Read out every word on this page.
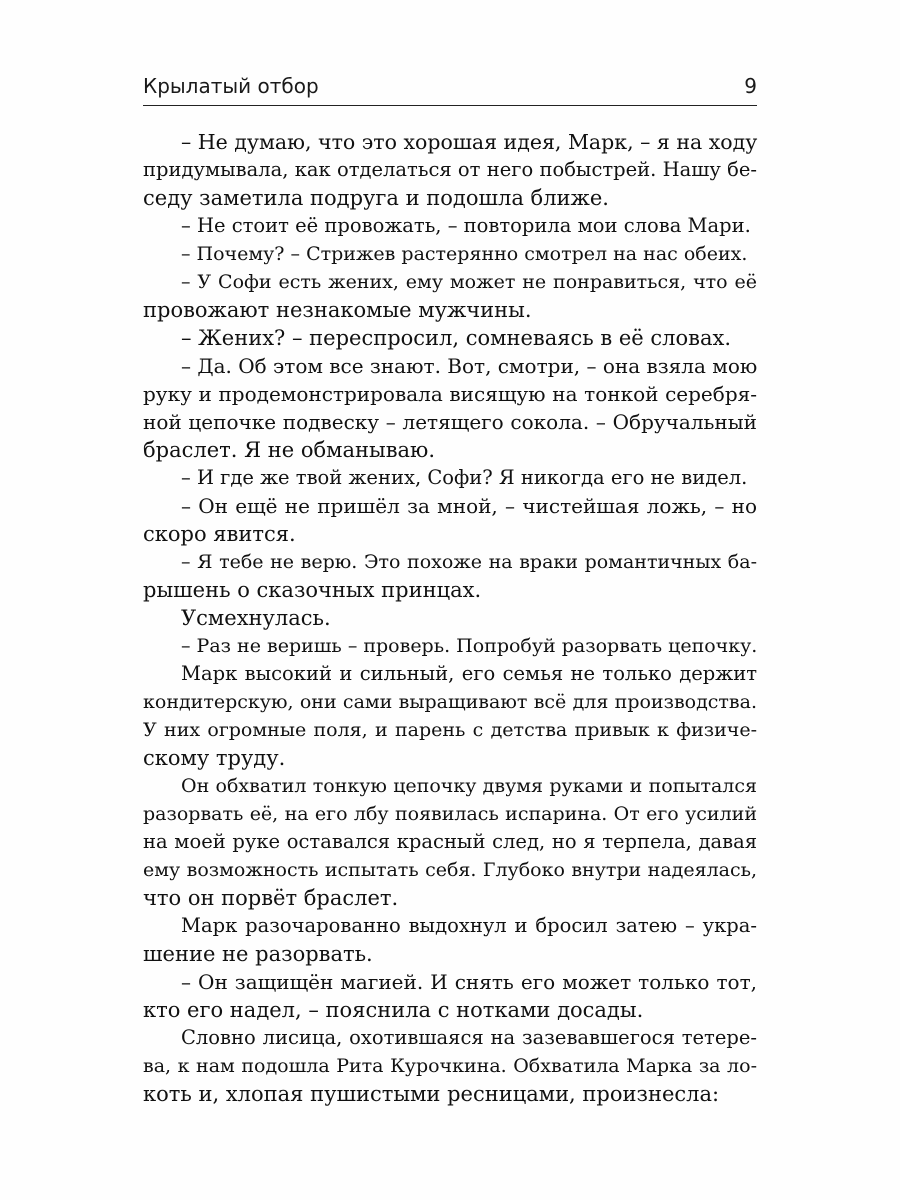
Крылатый отбор	9
– Не думаю, что это хорошая идея, Марк, – я на ходу
придумывала, как отделаться от него побыстрей. Нашу бе-
седу заметила подруга и подошла ближе.
– Не стоит её провожать, – повторила мои слова Мари.
– Почему? – Стрижев растерянно смотрел на нас обеих.
– У Софи есть жених, ему может не понравиться, что её
провожают незнакомые мужчины.
– Жених? – переспросил, сомневаясь в её словах.
– Да. Об этом все знают. Вот, смотри, – она взяла мою
руку и продемонстрировала висящую на тонкой серебря-
ной цепочке подвеску – летящего сокола. – Обручальный
браслет. Я не обманываю.
– И где же твой жених, Софи? Я никогда его не видел.
– Он ещё не пришёл за мной, – чистейшая ложь, – но
скоро явится.
– Я тебе не верю. Это похоже на враки романтичных ба-
рышень о сказочных принцах.
Усмехнулась.
– Раз не веришь – проверь. Попробуй разорвать цепочку.
Марк высокий и сильный, его семья не только держит
кондитерскую, они сами выращивают всё для производства.
У них огромные поля, и парень с детства привык к физиче-
скому труду.
Он обхватил тонкую цепочку двумя руками и попытался
разорвать её, на его лбу появилась испарина. От его усилий
на моей руке оставался красный след, но я терпела, давая
ему возможность испытать себя. Глубоко внутри надеялась,
что он порвёт браслет.
Марк разочарованно выдохнул и бросил затею – укра-
шение не разорвать.
– Он защищён магией. И снять его может только тот,
кто его надел, – пояснила с нотками досады.
Словно лисица, охотившаяся на зазевавшегося тетере-
ва, к нам подошла Рита Курочкина. Обхватила Марка за ло-
коть и, хлопая пушистыми ресницами, произнесла:
